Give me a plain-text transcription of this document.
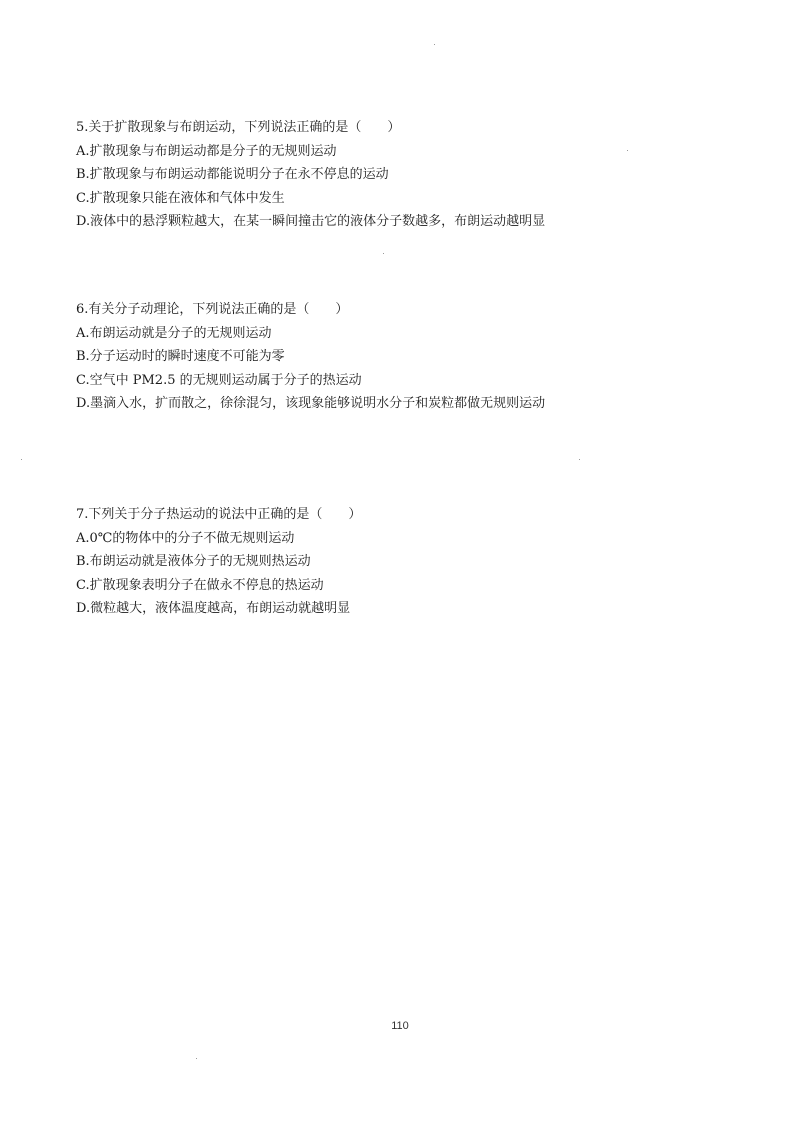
5.关于扩散现象与布朗运动，下列说法正确的是（　　）
A.扩散现象与布朗运动都是分子的无规则运动
B.扩散现象与布朗运动都能说明分子在永不停息的运动
C.扩散现象只能在液体和气体中发生
D.液体中的悬浮颗粒越大，在某一瞬间撞击它的液体分子数越多，布朗运动越明显
6.有关分子动理论，下列说法正确的是（　　）
A.布朗运动就是分子的无规则运动
B.分子运动时的瞬时速度不可能为零
C.空气中 PM2.5 的无规则运动属于分子的热运动
D.墨滴入水，扩而散之，徐徐混匀，该现象能够说明水分子和炭粒都做无规则运动
7.下列关于分子热运动的说法中正确的是（　　）
A.0℃的物体中的分子不做无规则运动
B.布朗运动就是液体分子的无规则热运动
C.扩散现象表明分子在做永不停息的热运动
D.微粒越大，液体温度越高，布朗运动就越明显
110
